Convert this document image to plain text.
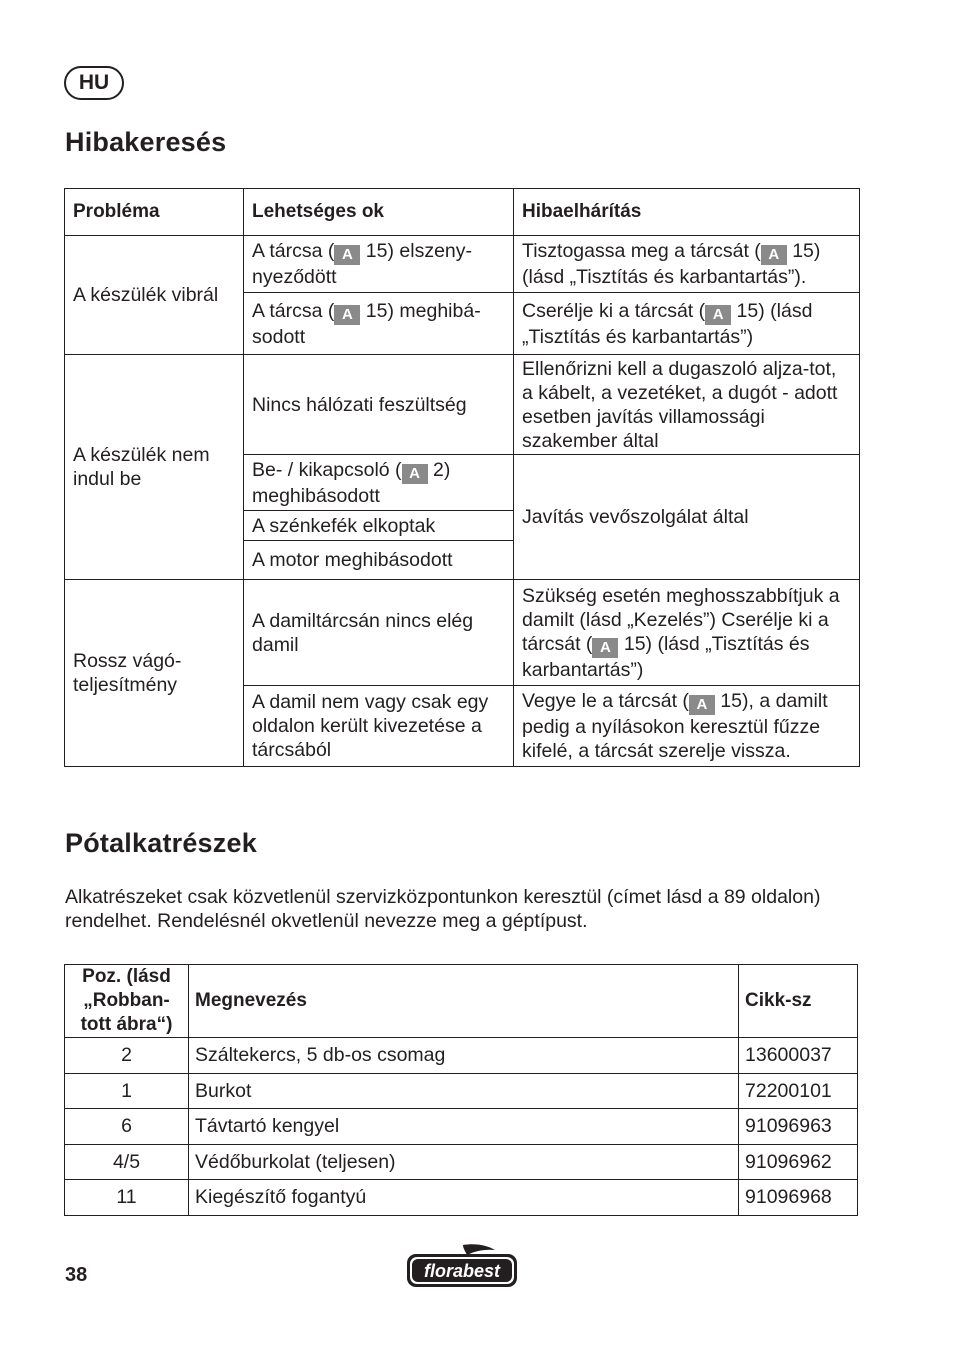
HU
Hibakeresés
Probléma	Lehetséges ok	Hibaelhárítás
A készülék vibrál	A tárcsa ( A 15) elszeny-nyeződött	Tisztogassa meg a tárcsát ( A 15) (lásd „Tisztítás és karbantartás”).
	A tárcsa ( A 15) meghibá-sodott	Cserélje ki a tárcsát ( A 15) (lásd „Tisztítás és karbantartás”)
A készülék nem indul be	Nincs hálózati feszültség	Ellenőrizni kell a dugaszoló aljza-tot, a kábelt, a vezetéket, a dugót - adott esetben javítás villamossági szakember által
	Be- / kikapcsoló ( A 2) meghibásodott	Javítás vevőszolgálat által
	A szénkefék elkoptak	
	A motor meghibásodott	
Rossz vágó-teljesítmény	A damiltárcsán nincs elég damil	Szükség esetén meghosszabbítjuk a damilt (lásd „Kezelés”) Cserélje ki a tárcsát ( A 15) (lásd „Tisztítás és karbantartás”)
	A damil nem vagy csak egy oldalon került kivezetése a tárcsából	Vegye le a tárcsát ( A 15), a damilt pedig a nyílásokon keresztül fűzze kifelé, a tárcsát szerelje vissza.
Pótalkatrészek

Alkatrészeket csak közvetlenül szervizközpontunkon keresztül (címet lásd a 89 oldalon) rendelhet. Rendelésnél okvetlenül nevezze meg a géptípust.

Poz. (lásd „Robban-tott ábra“)	Megnevezés	Cikk-sz
2	Száltekercs, 5 db-os csomag	13600037
1	Burkot	72200101
6	Távtartó kengyel	91096963
4/5	Védőburkolat (teljesen)	91096962
11	Kiegészítő fogantyú	91096968
38	florabest
